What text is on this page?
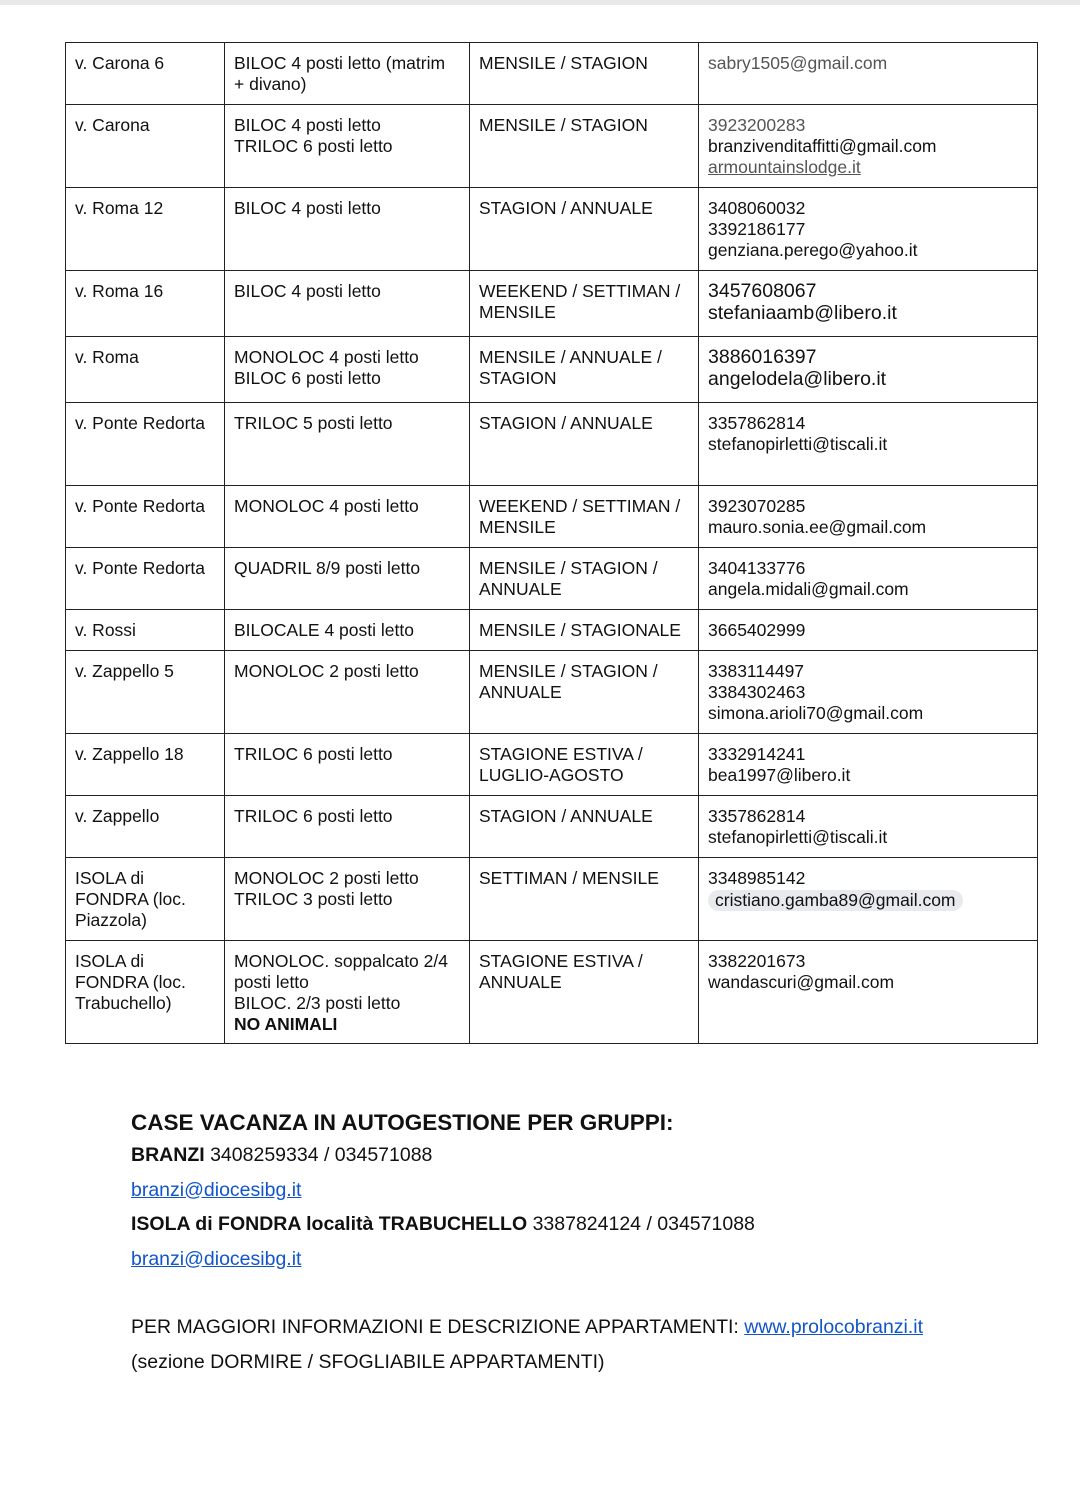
v. Carona 6	BILOC 4 posti letto (matrim
+ divano)	MENSILE / STAGION	sabry1505@gmail.com

v. Carona	BILOC 4 posti letto
TRILOC 6 posti letto	MENSILE / STAGION	3923200283
branzivenditaffitti@gmail.com
armountainslodge.it

v. Roma 12	BILOC 4 posti letto	STAGION / ANNUALE	3408060032
3392186177
genziana.perego@yahoo.it

v. Roma 16	BILOC 4 posti letto	WEEKEND / SETTIMAN /
MENSILE	3457608067
stefaniaamb@libero.it

v. Roma	MONOLOC 4 posti letto
BILOC 6 posti letto	MENSILE / ANNUALE /
STAGION	3886016397
angelodela@libero.it

v. Ponte Redorta	TRILOC 5 posti letto	STAGION / ANNUALE	3357862814
stefanopirletti@tiscali.it

v. Ponte Redorta	MONOLOC 4 posti letto	WEEKEND / SETTIMAN /
MENSILE	3923070285
mauro.sonia.ee@gmail.com

v. Ponte Redorta	QUADRIL 8/9 posti letto	MENSILE / STAGION /
ANNUALE	3404133776
angela.midali@gmail.com

v. Rossi	BILOCALE 4 posti letto	MENSILE / STAGIONALE	3665402999

v. Zappello 5	MONOLOC 2 posti letto	MENSILE / STAGION /
ANNUALE	3383114497
3384302463
simona.arioli70@gmail.com

v. Zappello 18	TRILOC 6 posti letto	STAGIONE ESTIVA /
LUGLIO-AGOSTO	3332914241
bea1997@libero.it

v. Zappello	TRILOC 6 posti letto	STAGION / ANNUALE	3357862814
stefanopirletti@tiscali.it

ISOLA di
FONDRA (loc.
Piazzola)	MONOLOC 2 posti letto
TRILOC 3 posti letto	SETTIMAN / MENSILE	3348985142
cristiano.gamba89@gmail.com

ISOLA di
FONDRA (loc.
Trabuchello)	MONOLOC. soppalcato 2/4
posti letto
BILOC. 2/3 posti letto
NO ANIMALI	STAGIONE ESTIVA /
ANNUALE	3382201673
wandascuri@gmail.com

CASE VACANZA IN AUTOGESTIONE PER GRUPPI:

BRANZI 3408259334 / 034571088

branzi@diocesibg.it

ISOLA di FONDRA località TRABUCHELLO 3387824124 / 034571088

branzi@diocesibg.it

PER MAGGIORI INFORMAZIONI E DESCRIZIONE APPARTAMENTI: www.prolocobranzi.it

(sezione DORMIRE / SFOGLIABILE APPARTAMENTI)
